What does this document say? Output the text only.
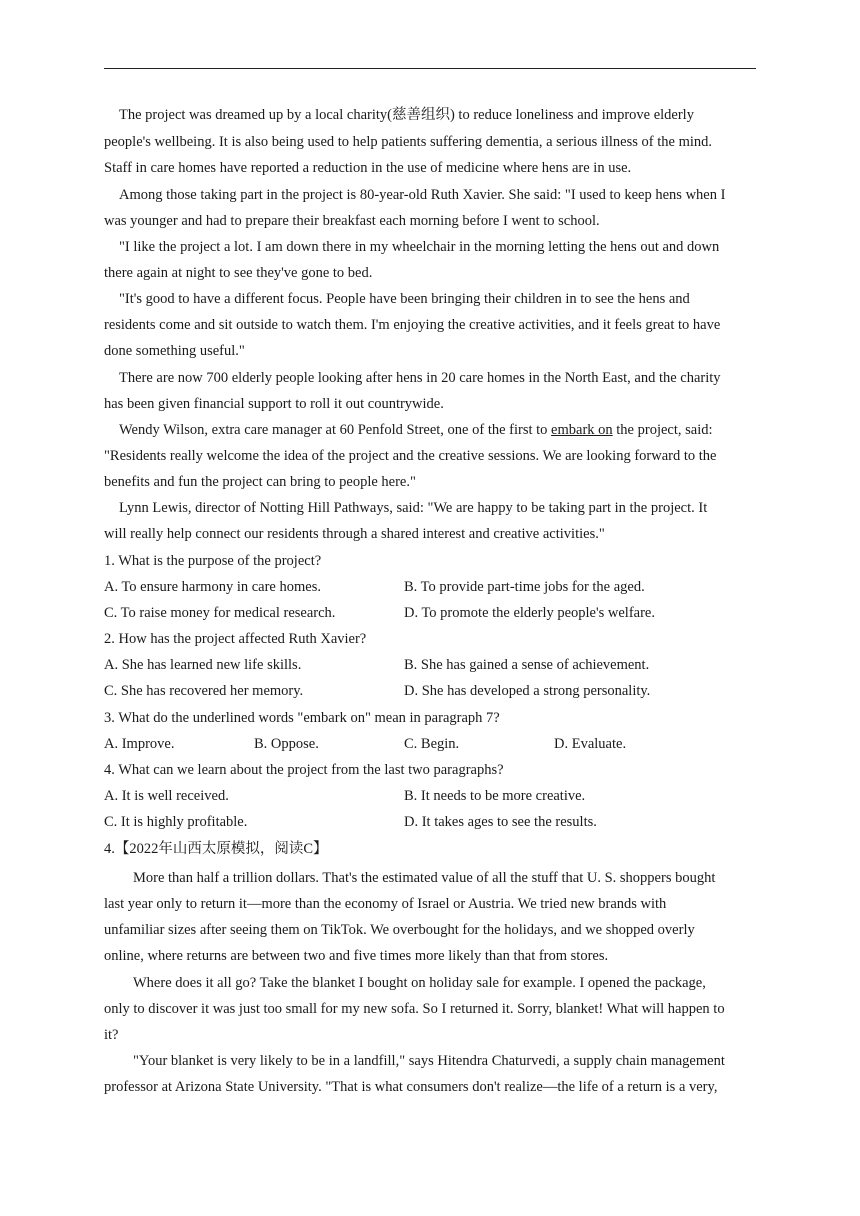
The project was dreamed up by a local charity(慈善组织) to reduce loneliness and improve elderly
people's wellbeing. It is also being used to help patients suffering dementia, a serious illness of the mind.
Staff in care homes have reported a reduction in the use of medicine where hens are in use.
Among those taking part in the project is 80-year-old Ruth Xavier. She said: "I used to keep hens when I
was younger and had to prepare their breakfast each morning before I went to school.
"I like the project a lot. I am down there in my wheelchair in the morning letting the hens out and down
there again at night to see they've gone to bed.
"It's good to have a different focus. People have been bringing their children in to see the hens and
residents come and sit outside to watch them. I'm enjoying the creative activities, and it feels great to have
done something useful."
There are now 700 elderly people looking after hens in 20 care homes in the North East, and the charity
has been given financial support to roll it out countrywide.
Wendy Wilson, extra care manager at 60 Penfold Street, one of the first to embark on the project, said:
"Residents really welcome the idea of the project and the creative sessions. We are looking forward to the
benefits and fun the project can bring to people here."
Lynn Lewis, director of Notting Hill Pathways, said: "We are happy to be taking part in the project. It
will really help connect our residents through a shared interest and creative activities."
1. What is the purpose of the project?
A. To ensure harmony in care homes.	B. To provide part-time jobs for the aged.
C. To raise money for medical research.	D. To promote the elderly people's welfare.
2. How has the project affected Ruth Xavier?
A. She has learned new life skills.	B. She has gained a sense of achievement.
C. She has recovered her memory.	D. She has developed a strong personality.
3. What do the underlined words "embark on" mean in paragraph 7?
A. Improve.	B. Oppose.	C. Begin.	D. Evaluate.
4. What can we learn about the project from the last two paragraphs?
A. It is well received.	B. It needs to be more creative.
C. It is highly profitable.	D. It takes ages to see the results.
4.【2022年山西太原模拟，阅读C】
More than half a trillion dollars. That's the estimated value of all the stuff that U. S. shoppers bought
last year only to return it—more than the economy of Israel or Austria. We tried new brands with
unfamiliar sizes after seeing them on TikTok. We overbought for the holidays, and we shopped overly
online, where returns are between two and five times more likely than that from stores.
Where does it all go? Take the blanket I bought on holiday sale for example. I opened the package,
only to discover it was just too small for my new sofa. So I returned it. Sorry, blanket! What will happen to
it?
"Your blanket is very likely to be in a landfill," says Hitendra Chaturvedi, a supply chain management
professor at Arizona State University. "That is what consumers don't realize—the life of a return is a very,
